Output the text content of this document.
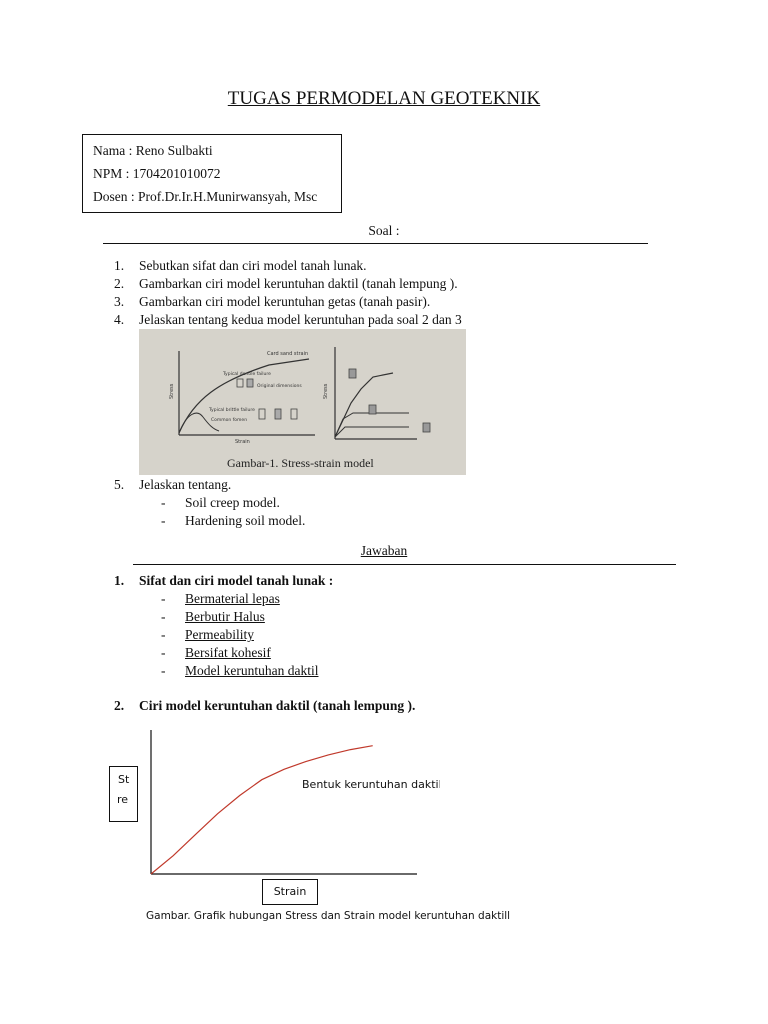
TUGAS PERMODELAN GEOTEKNIK
Nama : Reno Sulbakti
NPM : 1704201010072
Dosen : Prof.Dr.Ir.H.Munirwansyah, Msc
Soal :
1.	Sebutkan sifat dan ciri model tanah lunak.
2.	Gambarkan ciri model keruntuhan daktil (tanah lempung ).
3.	Gambarkan ciri model keruntuhan getas (tanah pasir).
4.	Jelaskan tentang kedua model keruntuhan pada soal 2 dan 3
Card sand strain
Typical dentile failure
Original dimensions
Typical brittle failure
Common fomen
Stress
Strain
Stress
Gambar-1. Stress-strain model
5.	Jelaskan tentang.
- Soil creep model.
- Hardening soil model.
Jawaban
1.	Sifat dan ciri model tanah lunak :
- Bermaterial lepas
- Berbutir Halus
- Permeability
- Bersifat kohesif
- Model keruntuhan daktil
2.	Ciri model keruntuhan daktil (tanah lempung ).
Bentuk keruntuhan daktil
St
re
Strain
Gambar. Grafik hubungan Stress dan Strain model keruntuhan daktill
